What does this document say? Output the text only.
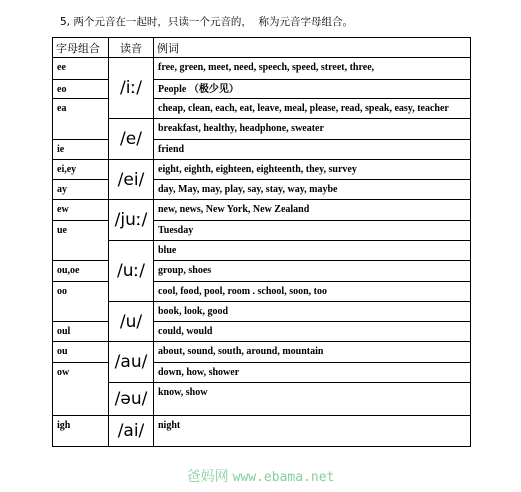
5, 两个元音在一起时，只读一个元音的，  称为元音字母组合。
字母组合	读音	例词
ee	/iː/	free, green, meet, need, speech, speed, street, three,
eo		People （极少见）
ea		cheap, clean, each, eat, leave, meal, please, read, speak, easy, teacher
	/e/	breakfast, healthy, headphone, sweater
ie		friend
ei,ey	/ei/	eight, eighth, eighteen, eighteenth, they, survey
ay		day, May, may, play, say, stay, way, maybe
ew	/juː/	new, news, New York, New Zealand
ue		Tuesday
	/uː/	blue
ou,oe		group, shoes
oo		cool, food, pool, room . school, soon, too
	/u/	book, look, good
oul		could, would
ou	/au/	about, sound, south, around, mountain
ow		down, how, shower
	/əu/	know, show
igh	/ai/	night
爸妈网 www.ebama.net
